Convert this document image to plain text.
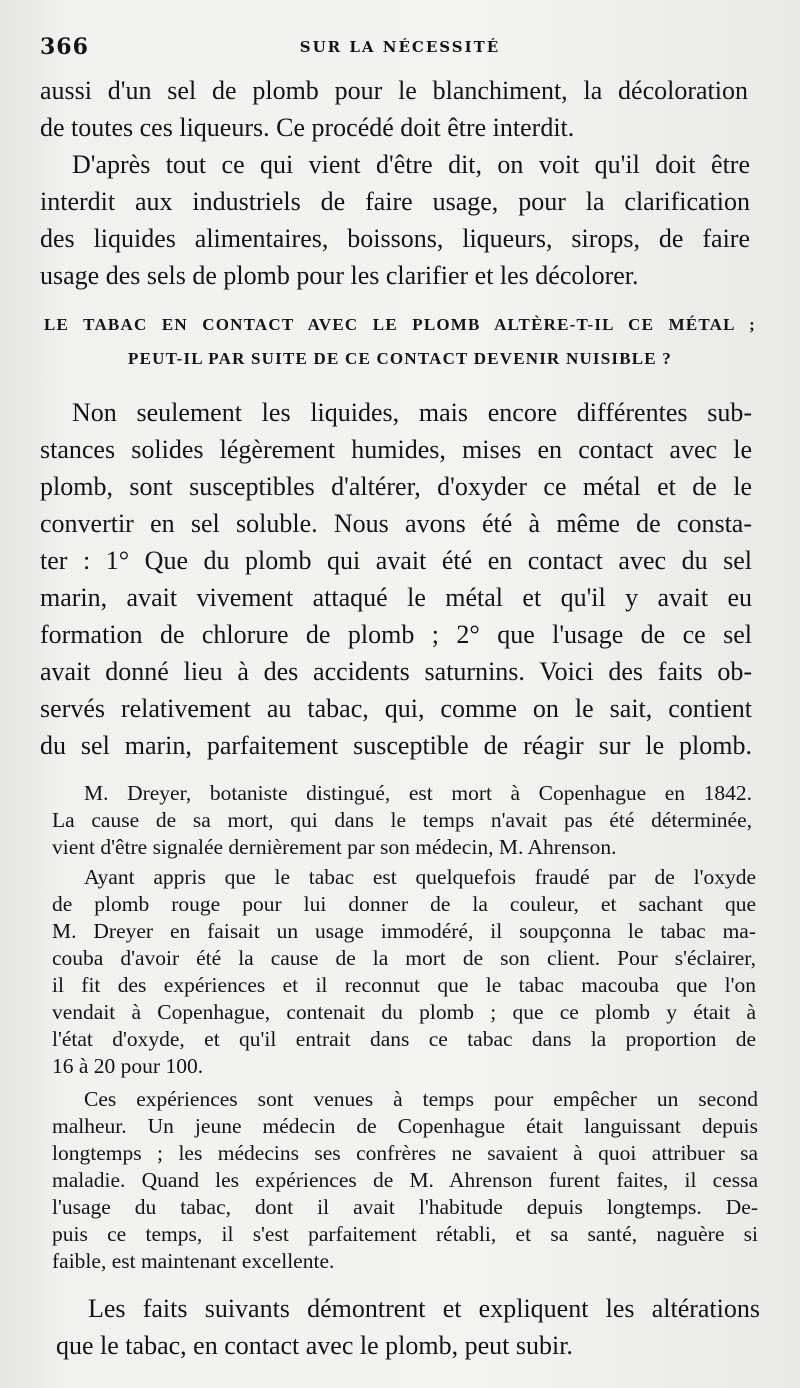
366	SUR LA NÉCESSITÉ
aussi d'un sel de plomb pour le blanchiment, la décoloration
de toutes ces liqueurs. Ce procédé doit être interdit.
D'après tout ce qui vient d'être dit, on voit qu'il doit être
interdit aux industriels de faire usage, pour la clarification
des liquides alimentaires, boissons, liqueurs, sirops, de faire
usage des sels de plomb pour les clarifier et les décolorer.
LE TABAC EN CONTACT AVEC LE PLOMB ALTÈRE-T-IL CE MÉTAL ;
PEUT-IL PAR SUITE DE CE CONTACT DEVENIR NUISIBLE ?
Non seulement les liquides, mais encore différentes sub-
stances solides légèrement humides, mises en contact avec le
plomb, sont susceptibles d'altérer, d'oxyder ce métal et de le
convertir en sel soluble. Nous avons été à même de consta-
ter : 1° Que du plomb qui avait été en contact avec du sel
marin, avait vivement attaqué le métal et qu'il y avait eu
formation de chlorure de plomb ; 2° que l'usage de ce sel
avait donné lieu à des accidents saturnins. Voici des faits ob-
servés relativement au tabac, qui, comme on le sait, contient
du sel marin, parfaitement susceptible de réagir sur le plomb.
M. Dreyer, botaniste distingué, est mort à Copenhague en 1842.
La cause de sa mort, qui dans le temps n'avait pas été déterminée,
vient d'être signalée dernièrement par son médecin, M. Ahrenson.
Ayant appris que le tabac est quelquefois fraudé par de l'oxyde
de plomb rouge pour lui donner de la couleur, et sachant que
M. Dreyer en faisait un usage immodéré, il soupçonna le tabac ma-
couba d'avoir été la cause de la mort de son client. Pour s'éclairer,
il fit des expériences et il reconnut que le tabac macouba que l'on
vendait à Copenhague, contenait du plomb ; que ce plomb y était à
l'état d'oxyde, et qu'il entrait dans ce tabac dans la proportion de
16 à 20 pour 100.
Ces expériences sont venues à temps pour empêcher un second
malheur. Un jeune médecin de Copenhague était languissant depuis
longtemps ; les médecins ses confrères ne savaient à quoi attribuer sa
maladie. Quand les expériences de M. Ahrenson furent faites, il cessa
l'usage du tabac, dont il avait l'habitude depuis longtemps. De-
puis ce temps, il s'est parfaitement rétabli, et sa santé, naguère si
faible, est maintenant excellente.
Les faits suivants démontrent et expliquent les altérations
que le tabac, en contact avec le plomb, peut subir.
